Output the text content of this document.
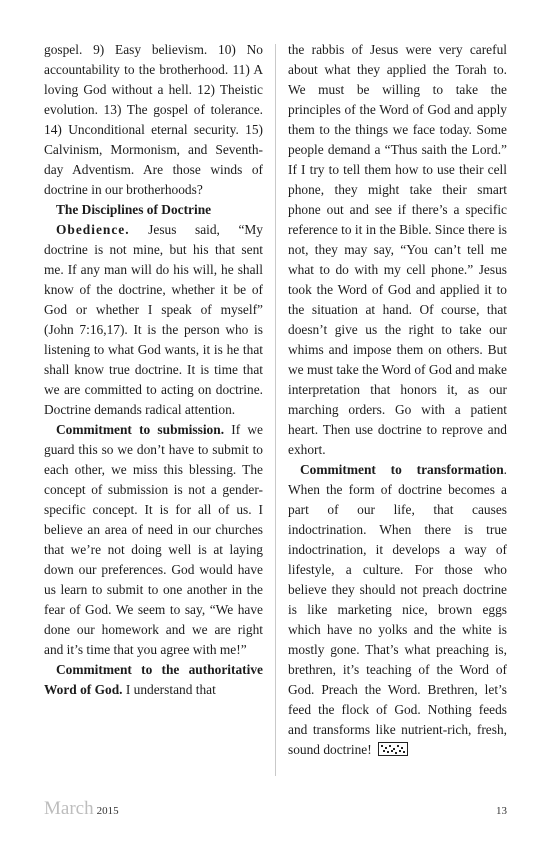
gospel. 9) Easy believism. 10) No accountability to the brotherhood. 11) A loving God without a hell. 12) Theistic evolution. 13) The gospel of tolerance. 14) Unconditional eternal security. 15) Calvinism, Mormonism, and Seventh-day Adventism. Are those winds of doctrine in our brotherhoods?

The Disciplines of Doctrine

Obedience. Jesus said, “My doctrine is not mine, but his that sent me. If any man will do his will, he shall know of the doctrine, whether it be of God or whether I speak of myself” (John 7:16,17). It is the person who is listening to what God wants, it is he that shall know true doctrine. It is time that we are committed to acting on doctrine. Doctrine demands radical attention.

Commitment to submission. If we guard this so we don’t have to submit to each other, we miss this blessing. The concept of submission is not a gender-specific concept. It is for all of us. I believe an area of need in our churches that we’re not doing well is at laying down our preferences. God would have us learn to submit to one another in the fear of God. We seem to say, “We have done our homework and we are right and it’s time that you agree with me!”

Commitment to the authoritative Word of God. I understand that

the rabbis of Jesus were very careful about what they applied the Torah to. We must be willing to take the principles of the Word of God and apply them to the things we face today. Some people demand a “Thus saith the Lord.” If I try to tell them how to use their cell phone, they might take their smart phone out and see if there’s a specific reference to it in the Bible. Since there is not, they may say, “You can’t tell me what to do with my cell phone.” Jesus took the Word of God and applied it to the situation at hand. Of course, that doesn’t give us the right to take our whims and impose them on others. But we must take the Word of God and make interpretation that honors it, as our marching orders. Go with a patient heart. Then use doctrine to reprove and exhort.

Commitment to transformation. When the form of doctrine becomes a part of our life, that causes indoctrination. When there is true indoctrination, it develops a way of lifestyle, a culture. For those who believe they should not preach doctrine is like marketing nice, brown eggs which have no yolks and the white is mostly gone. That’s what preaching is, brethren, it’s teaching of the Word of God. Preach the Word. Brethren, let’s feed the flock of God. Nothing feeds and transforms like nutrient-rich, fresh, sound doctrine!

March 2015	13
